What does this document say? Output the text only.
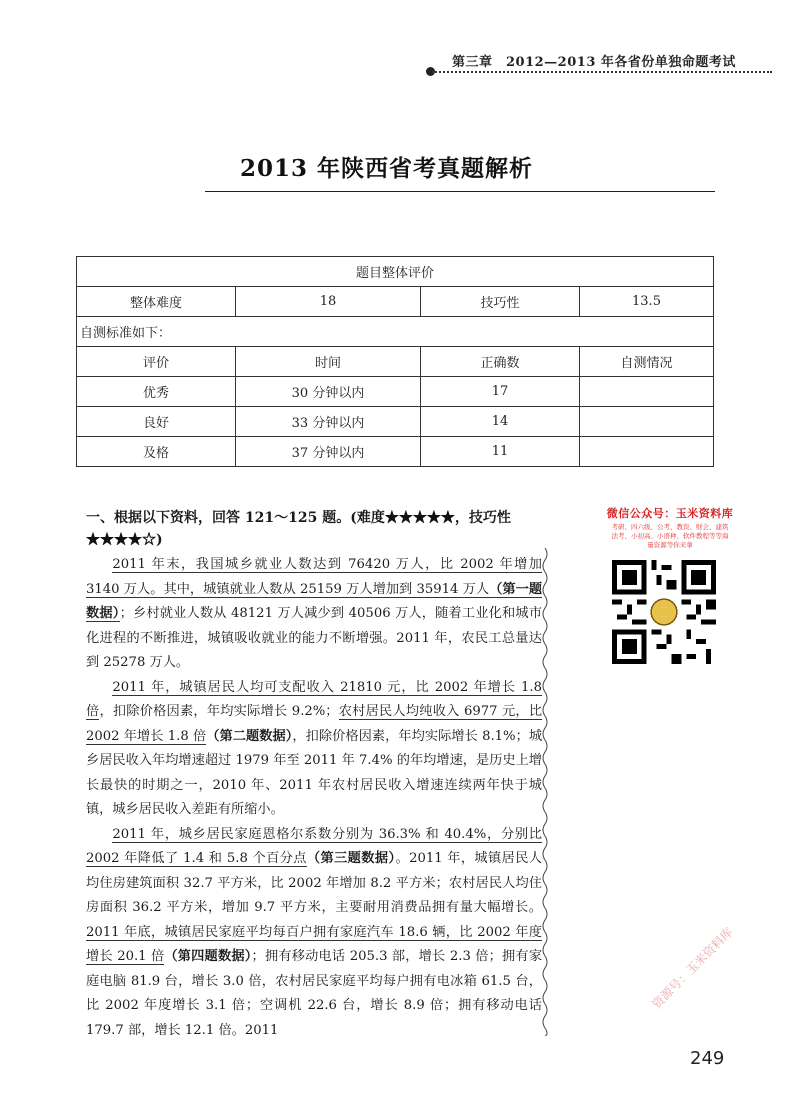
第三章　2012—2013 年各省份单独命题考试
2013 年陕西省考真题解析
题目整体评价			
整体难度	18	技巧性	13.5
自测标准如下：			
评价	时间	正确数	自测情况
优秀	30 分钟以内	17	
良好	33 分钟以内	14	
及格	37 分钟以内	11	
一、根据以下资料，回答 121～125 题。(难度★★★★★，技巧性★★★★☆)

2011 年末，我国城乡就业人数达到 76420 万人，比 2002 年增加 3140 万人。其中，城镇就业人数从 25159 万人增加到 35914 万人（第一题数据）；乡村就业人数从 48121 万人减少到 40506 万人，随着工业化和城市化进程的不断推进，城镇吸收就业的能力不断增强。2011 年，农民工总量达到 25278 万人。

2011 年，城镇居民人均可支配收入 21810 元，比 2002 年增长 1.8 倍，扣除价格因素，年均实际增长 9.2%；农村居民人均纯收入 6977 元，比 2002 年增长 1.8 倍（第二题数据），扣除价格因素，年均实际增长 8.1%；城乡居民收入年均增速超过 1979 年至 2011 年 7.4% 的年均增速，是历史上增长最快的时期之一，2010 年、2011 年农村居民收入增速连续两年快于城镇，城乡居民收入差距有所缩小。

2011 年，城乡居民家庭恩格尔系数分别为 36.3% 和 40.4%，分别比 2002 年降低了 1.4 和 5.8 个百分点（第三题数据）。2011 年，城镇居民人均住房建筑面积 32.7 平方米，比 2002 年增加 8.2 平方米；农村居民人均住房面积 36.2 平方米，增加 9.7 平方米，主要耐用消费品拥有量大幅增长。2011 年底，城镇居民家庭平均每百户拥有家庭汽车 18.6 辆，比 2002 年度增长 20.1 倍（第四题数据）；拥有移动电话 205.3 部，增长 2.3 倍；拥有家庭电脑 81.9 台，增长 3.0 倍，农村居民家庭平均每户拥有电冰箱 61.5 台，比 2002 年度增长 3.1 倍；空调机 22.6 台，增长 8.9 倍；拥有移动电话 179.7 部，增长 12.1 倍。2011

微信公众号：玉米资料库
考研、四六级、公考、教资、财会、建筑
法考、小初高、小语种、软件教程等等海
量资源等你来拿
249
资源号：玉米资料库
